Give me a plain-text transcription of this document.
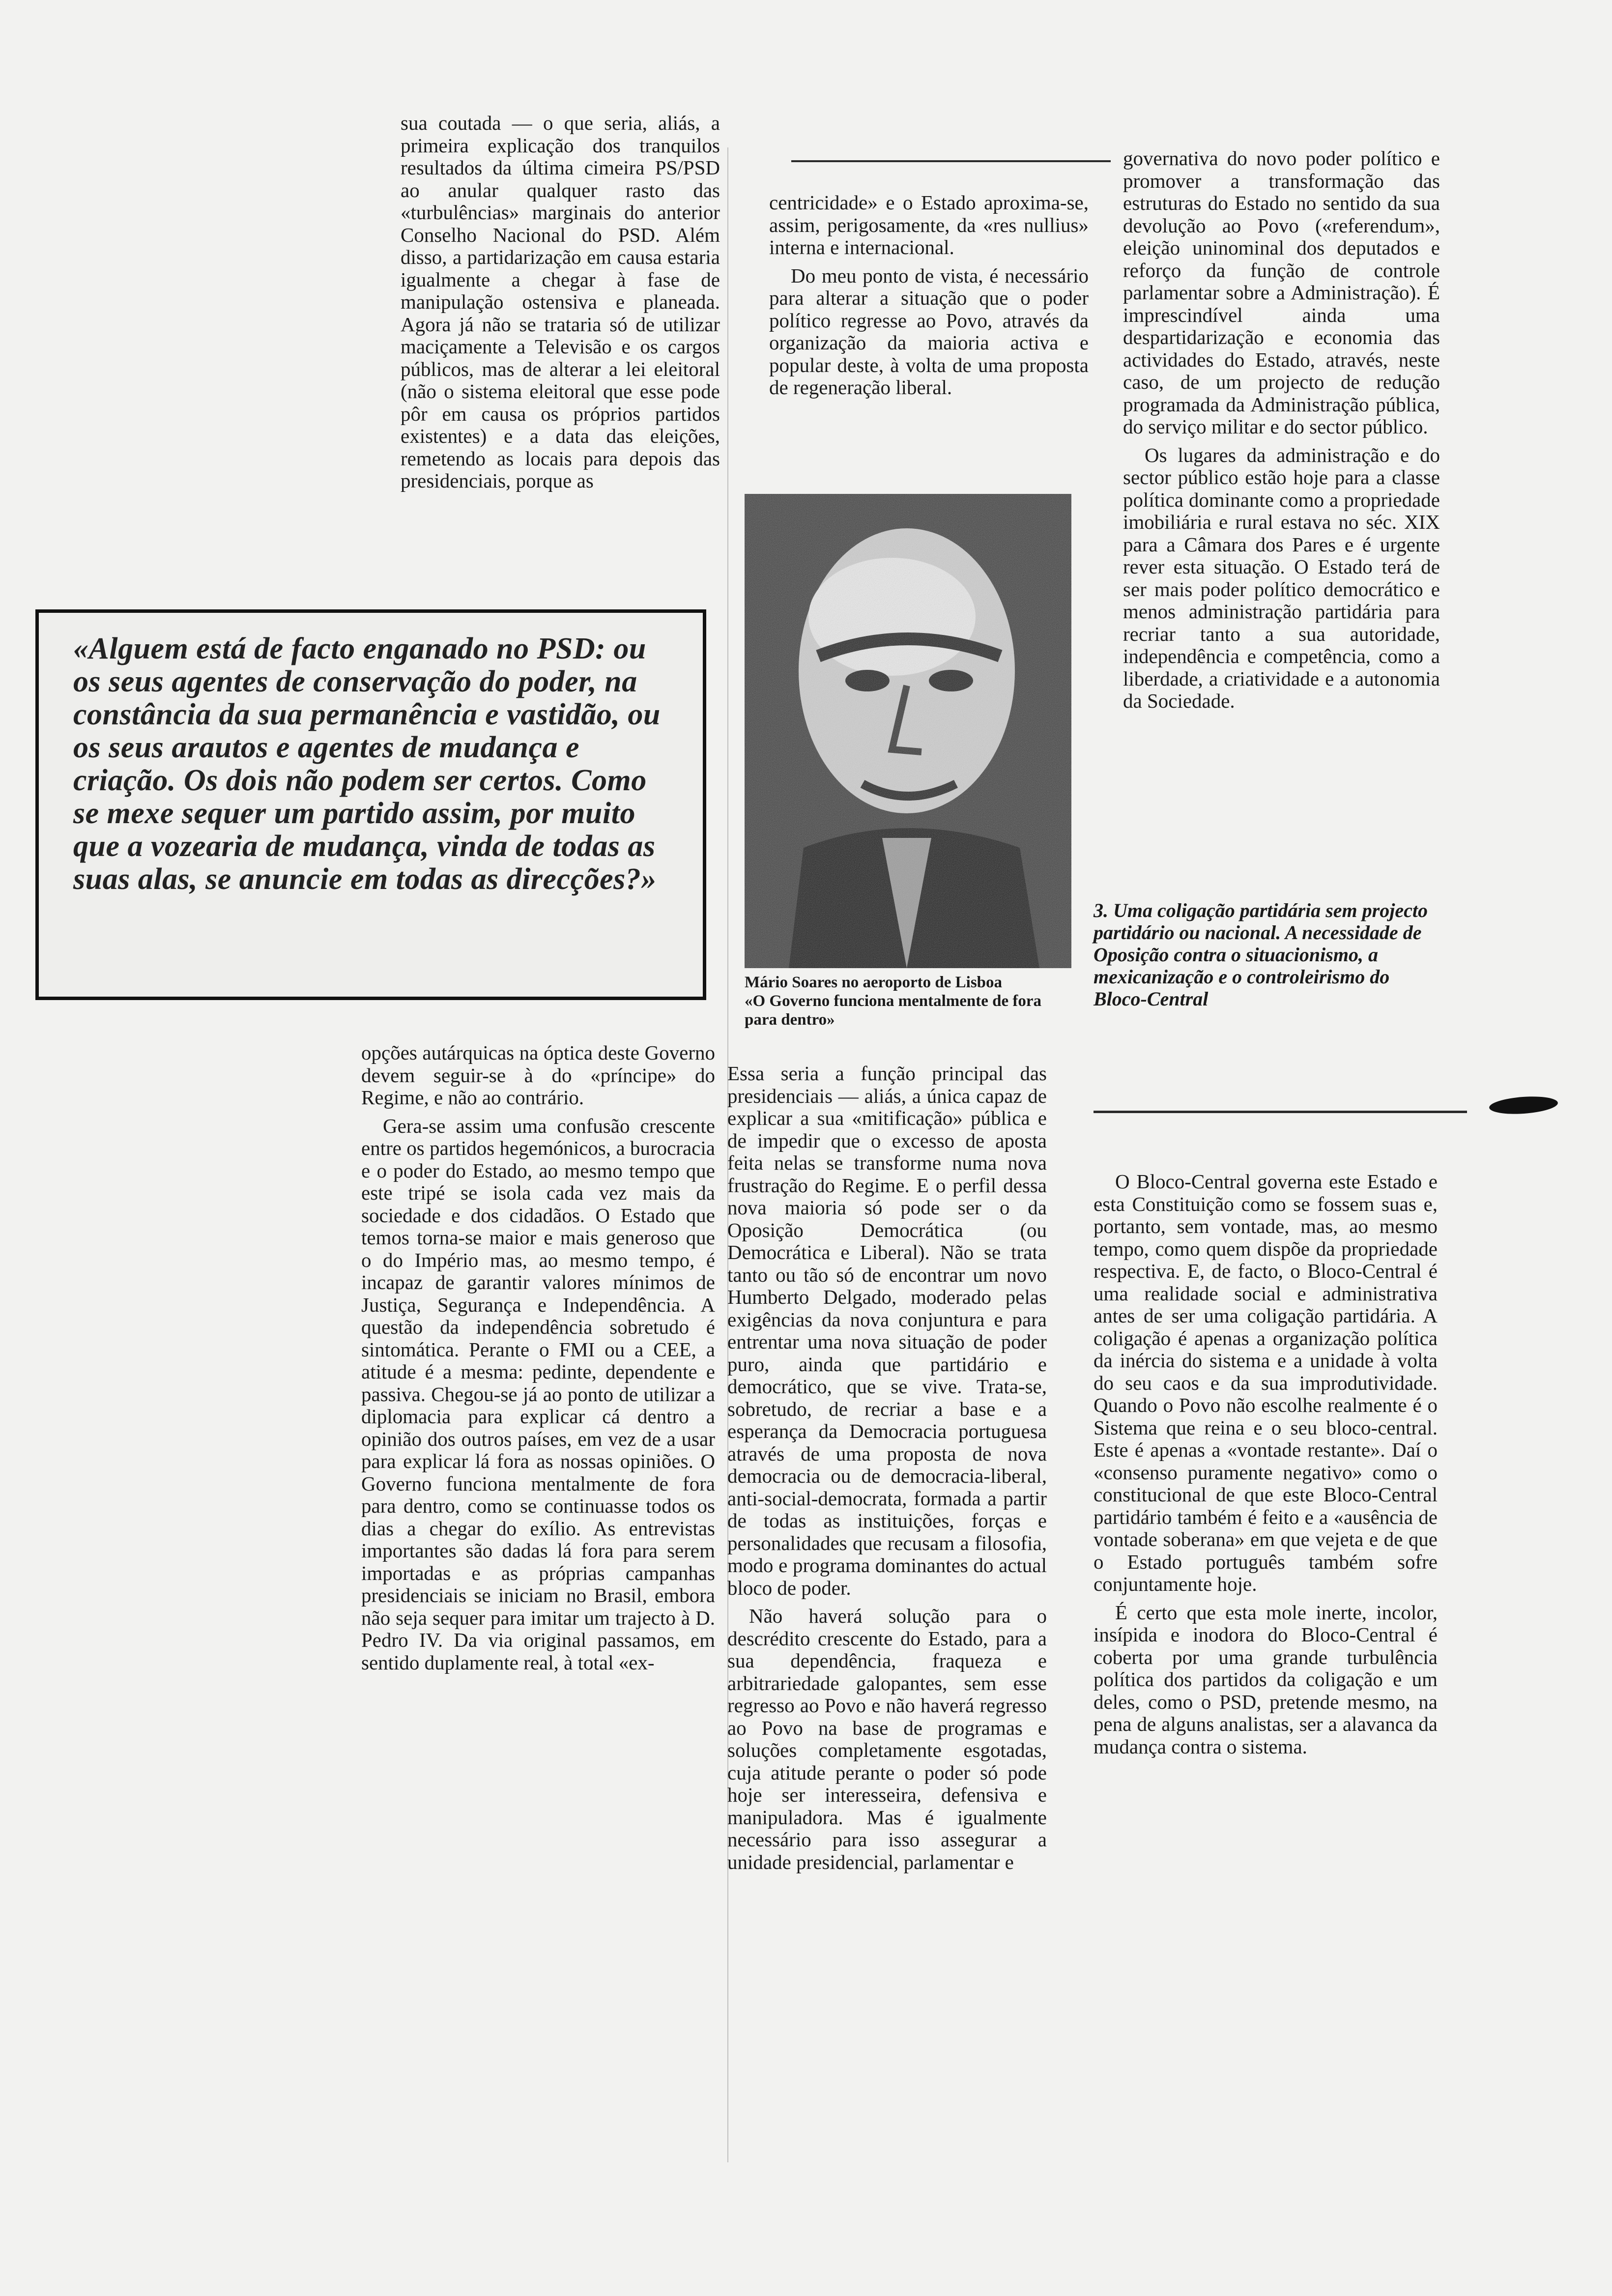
sua coutada — o que seria, aliás, a primeira explicação dos tranquilos resultados da última cimeira PS/PSD ao anular qualquer rasto das «turbulências» marginais do anterior Conselho Nacional do PSD. Além disso, a partidarização em causa estaria igualmente a chegar à fase de manipulação ostensiva e planeada. Agora já não se trataria só de utilizar maciçamente a Televisão e os cargos públicos, mas de alterar a lei eleitoral (não o sistema eleitoral que esse pode pôr em causa os próprios partidos existentes) e a data das eleições, remetendo as locais para depois das presidenciais, porque as

«Alguem está de facto enganado no PSD: ou os seus agentes de conservação do poder, na constância da sua permanência e vastidão, ou os seus arautos e agentes de mudança e criação. Os dois não podem ser certos. Como se mexe sequer um partido assim, por muito que a vozearia de mudança, vinda de todas as suas alas, se anuncie em todas as direcções?»

opções autárquicas na óptica deste Governo devem seguir-se à do «príncipe» do Regime, e não ao contrário.

Gera-se assim uma confusão crescente entre os partidos hegemónicos, a burocracia e o poder do Estado, ao mesmo tempo que este tripé se isola cada vez mais da sociedade e dos cidadãos. O Estado que temos torna-se maior e mais generoso que o do Império mas, ao mesmo tempo, é incapaz de garantir valores mínimos de Justiça, Segurança e Independência. A questão da independência sobretudo é sintomática. Perante o FMI ou a CEE, a atitude é a mesma: pedinte, dependente e passiva. Chegou-se já ao ponto de utilizar a diplomacia para explicar cá dentro a opinião dos outros países, em vez de a usar para explicar lá fora as nossas opiniões. O Governo funciona mentalmente de fora para dentro, como se continuasse todos os dias a chegar do exílio. As entrevistas importantes são dadas lá fora para serem importadas e as próprias campanhas presidenciais se iniciam no Brasil, embora não seja sequer para imitar um trajecto à D. Pedro IV. Da via original passamos, em sentido duplamente real, à total «ex-

centricidade» e o Estado aproxima-se, assim, perigosamente, da «res nullius» interna e internacional.

Do meu ponto de vista, é necessário para alterar a situação que o poder político regresse ao Povo, através da organização da maioria activa e popular deste, à volta de uma proposta de regeneração liberal.

Mário Soares no aeroporto de Lisboa
«O Governo funciona mentalmente de fora para dentro»

Essa seria a função principal das presidenciais — aliás, a única capaz de explicar a sua «mitificação» pública e de impedir que o excesso de aposta feita nelas se transforme numa nova frustração do Regime. E o perfil dessa nova maioria só pode ser o da Oposição Democrática (ou Democrática e Liberal). Não se trata tanto ou tão só de encontrar um novo Humberto Delgado, moderado pelas exigências da nova conjuntura e para entrentar uma nova situação de poder puro, ainda que partidário e democrático, que se vive. Trata-se, sobretudo, de recriar a base e a esperança da Democracia portuguesa através de uma proposta de nova democracia ou de democracia-liberal, anti-social-democrata, formada a partir de todas as instituições, forças e personalidades que recusam a filosofia, modo e programa dominantes do actual bloco de poder.

Não haverá solução para o descrédito crescente do Estado, para a sua dependência, fraqueza e arbitrariedade galopantes, sem esse regresso ao Povo e não haverá regresso ao Povo na base de programas e soluções completamente esgotadas, cuja atitude perante o poder só pode hoje ser interesseira, defensiva e manipuladora. Mas é igualmente necessário para isso assegurar a unidade presidencial, parlamentar e

governativa do novo poder político e promover a transformação das estruturas do Estado no sentido da sua devolução ao Povo («referendum», eleição uninominal dos deputados e reforço da função de controle parlamentar sobre a Administração). É imprescindível ainda uma despartidarização e economia das actividades do Estado, através, neste caso, de um projecto de redução programada da Administração pública, do serviço militar e do sector público.

Os lugares da administração e do sector público estão hoje para a classe política dominante como a propriedade imobiliária e rural estava no séc. XIX para a Câmara dos Pares e é urgente rever esta situação. O Estado terá de ser mais poder político democrático e menos administração partidária para recriar tanto a sua autoridade, independência e competência, como a liberdade, a criatividade e a autonomia da Sociedade.

3. Uma coligação partidária sem projecto partidário ou nacional. A necessidade de Oposição contra o situacionismo, a mexicanização e o controleirismo do Bloco-Central

O Bloco-Central governa este Estado e esta Constituição como se fossem suas e, portanto, sem vontade, mas, ao mesmo tempo, como quem dispõe da propriedade respectiva. E, de facto, o Bloco-Central é uma realidade social e administrativa antes de ser uma coligação partidária. A coligação é apenas a organização política da inércia do sistema e a unidade à volta do seu caos e da sua improdutividade. Quando o Povo não escolhe realmente é o Sistema que reina e o seu bloco-central. Este é apenas a «vontade restante». Daí o «consenso puramente negativo» como o constitucional de que este Bloco-Central partidário também é feito e a «ausência de vontade soberana» em que vejeta e de que o Estado português também sofre conjuntamente hoje.

É certo que esta mole inerte, incolor, insípida e inodora do Bloco-Central é coberta por uma grande turbulência política dos partidos da coligação e um deles, como o PSD, pretende mesmo, na pena de alguns analistas, ser a alavanca da mudança contra o sistema.
